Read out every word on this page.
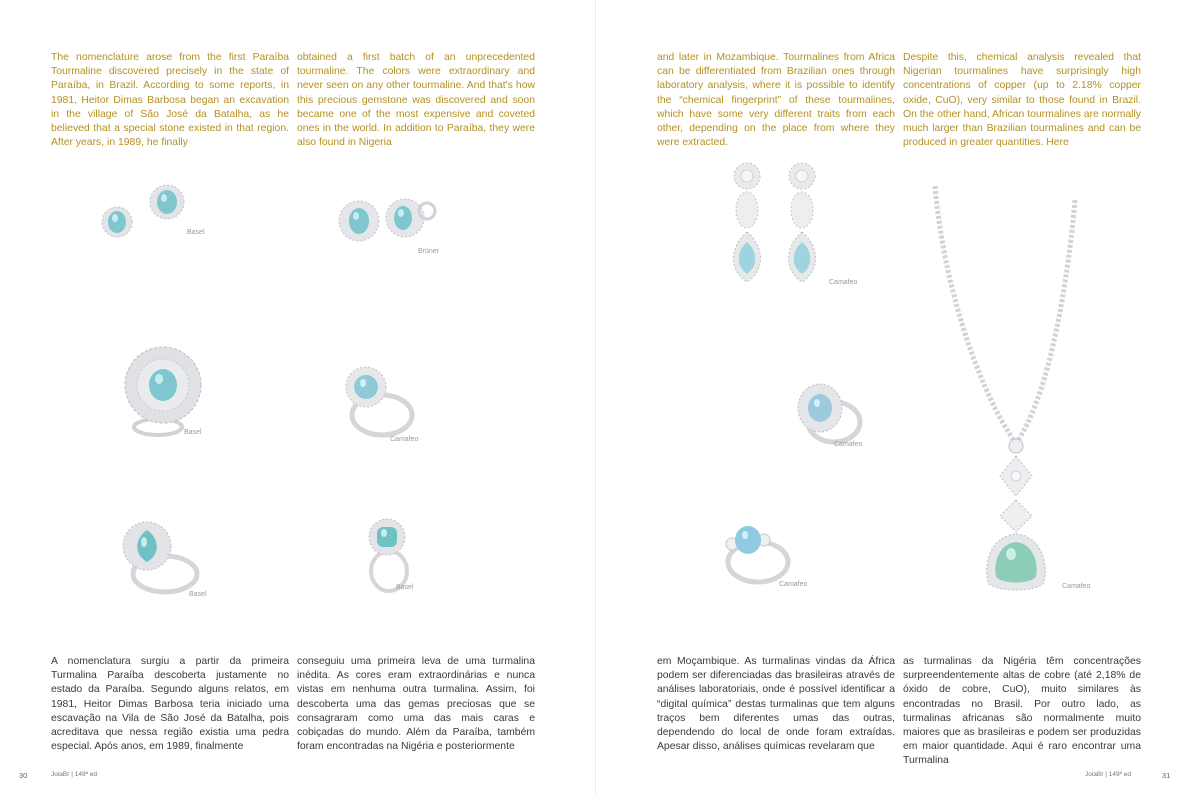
The nomenclature arose from the first Paraíba Tourmaline discovered precisely in the state of Paraíba, in Brazil. According to some reports, in 1981, Heitor Dimas Barbosa began an excavation in the village of São José da Batalha, as he believed that a special stone existed in that region. After years, in 1989, he finally

obtained a first batch of an unprecedented tourmaline. The colors were extraordinary and never seen on any other tourmaline. And that's how this precious gemstone was discovered and soon became one of the most expensive and coveted ones in the world. In addition to Paraíba, they were also found in Nigeria

and later in Mozambique. Tourmalines from Africa can be differentiated from Brazilian ones through laboratory analysis, where it is possible to identify the “chemical fingerprint” of these tourmalines, which have some very different traits from each other, depending on the place from where they were extracted.

Despite this, chemical analysis revealed that Nigerian tourmalines have surprisingly high concentrations of copper (up to 2.18% copper oxide, CuO), very similar to those found in Brazil. On the other hand, African tourmalines are normally much larger than Brazilian tourmalines and can be produced in greater quantities. Here

A nomenclatura surgiu a partir da primeira Turmalina Paraíba descoberta justamente no estado da Paraíba. Segundo alguns relatos, em 1981, Heitor Dimas Barbosa teria iniciado uma escavação na Vila de São José da Batalha, pois acreditava que nessa região existia uma pedra especial. Após anos, em 1989, finalmente

conseguiu uma primeira leva de uma turmalina inédita. As cores eram extraordinárias e nunca vistas em nenhuma outra turmalina. Assim, foi descoberta uma das gemas preciosas que se consagraram como uma das mais caras e cobiçadas do mundo. Além da Paraíba, também foram encontradas na Nigéria e posteriormente

em Moçambique. As turmalinas vindas da África podem ser diferenciadas das brasileiras através de análises laboratoriais, onde é possível identificar a “digital química” destas turmalinas que tem alguns traços bem diferentes umas das outras, dependendo do local de onde foram extraídas. Apesar disso, análises químicas revelaram que

as turmalinas da Nigéria têm concentrações surpreendentemente altas de cobre (até 2,18% de óxido de cobre, CuO), muito similares às encontradas no Brasil. Por outro lado, as turmalinas africanas são normalmente muito maiores que as brasileiras e podem ser produzidas em maior quantidade. Aqui é raro encontrar uma Turmalina

Basel
Brüner
Basel
Camafeo
Basel
Basel
Camafeo
Camafeo
Camafeo	Camafeo
30	JoiaBr | 149ª ed	JoiaBr | 149ª ed	31
